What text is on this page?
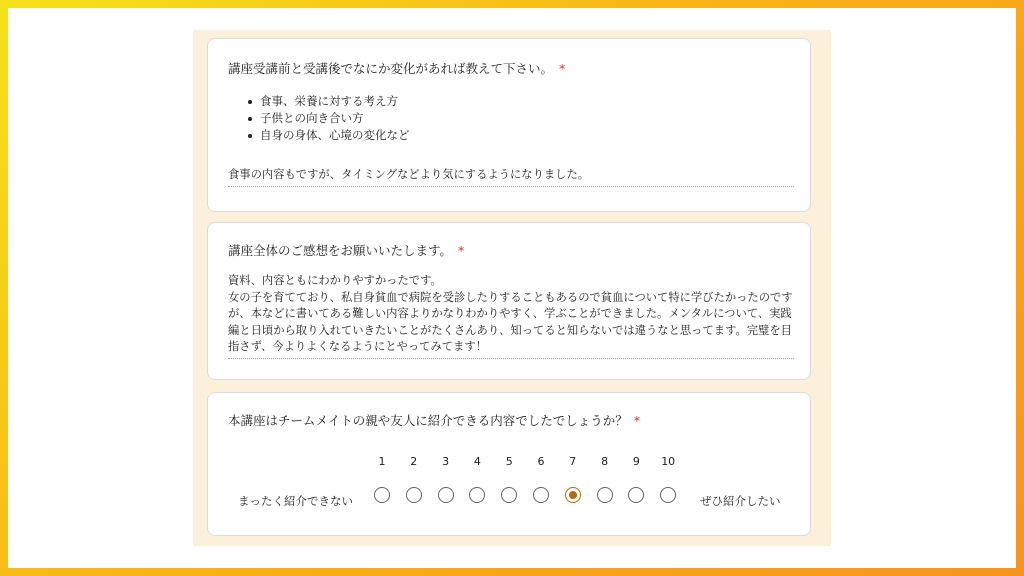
講座受講前と受講後でなにか変化があれば教えて下さい。 *
食事、栄養に対する考え方
子供との向き合い方
自身の身体、心境の変化など
食事の内容もですが、タイミングなどより気にするようになりました。
講座全体のご感想をお願いいたします。 *
資料、内容ともにわかりやすかったです。
女の子を育てており、私自身貧血で病院を受診したりすることもあるので貧血について特に学びたかったのですが、本などに書いてある難しい内容よりかなりわかりやすく、学ぶことができました。メンタルについて、実践編と日頃から取り入れていきたいことがたくさんあり、知ってると知らないでは違うなと思ってます。完璧を目指さず、今よりよくなるようにとやってみてます！
本講座はチームメイトの親や友人に紹介できる内容でしたでしょうか？ *
1	2	3	4	5	6	7	8	9	10
まったく紹介できない	ぜひ紹介したい
